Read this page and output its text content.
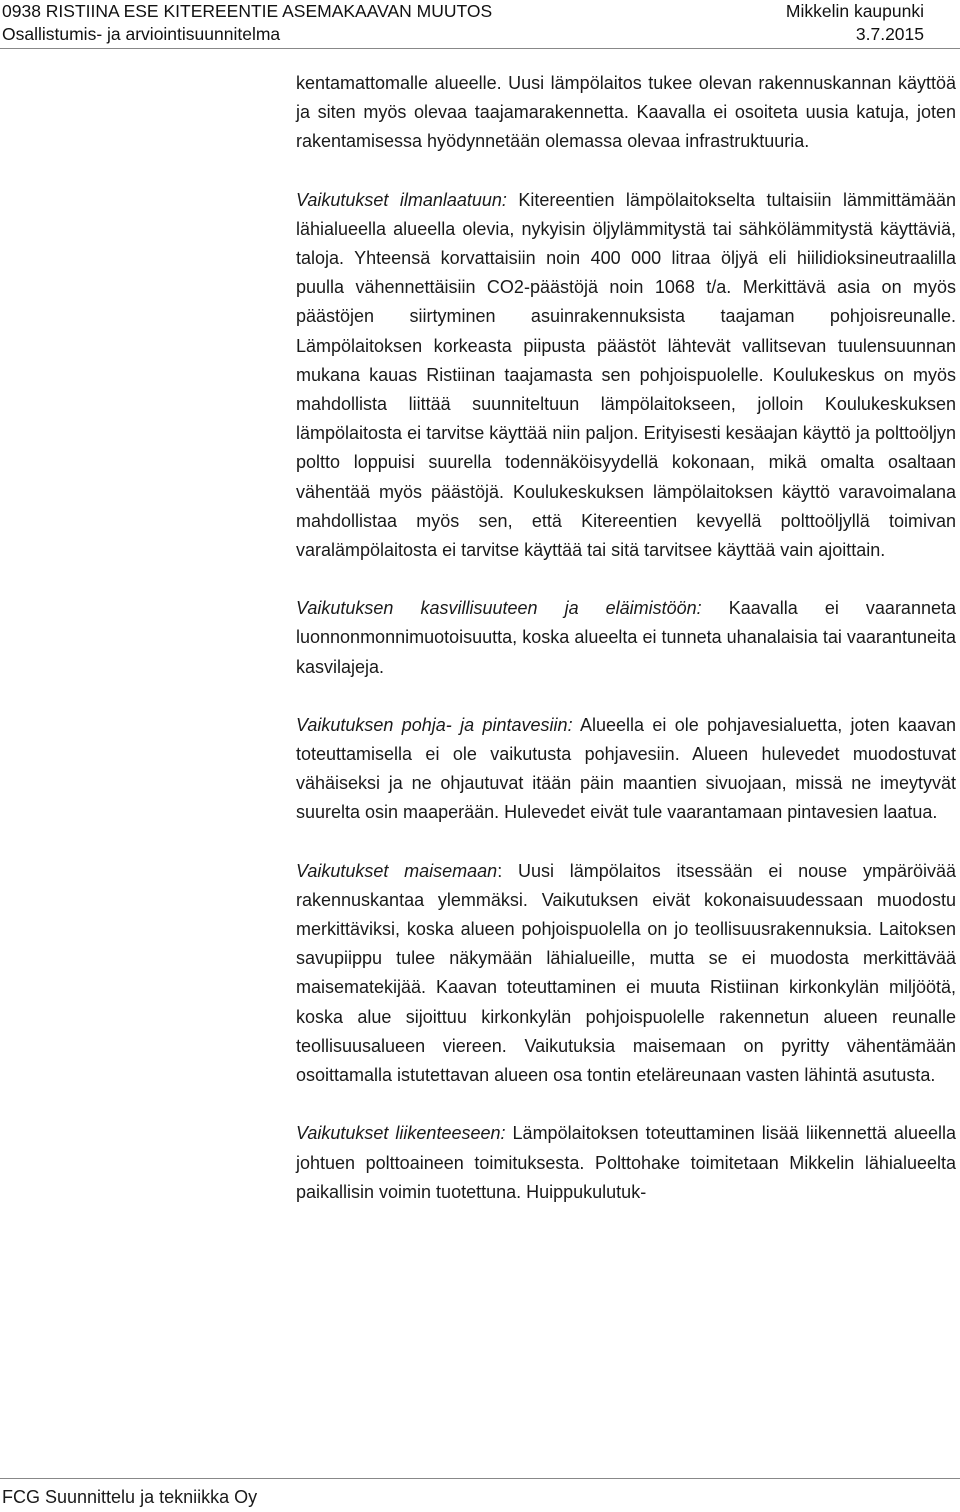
0938 RISTIINA ESE KITEREENTIE ASEMAKAAVAN MUUTOS	Mikkelin kaupunki
Osallistumis- ja arviointisuunnitelma	3.7.2015

kentamattomalle alueelle. Uusi lämpölaitos tukee olevan rakennuskannan käyttöä ja siten myös olevaa taajamarakennetta. Kaavalla ei osoiteta uusia katuja, joten rakentamisessa hyödynnetään olemassa olevaa infrastruktuuria.

Vaikutukset ilmanlaatuun: Kitereentien lämpölaitokselta tultaisiin lämmittämään lähialueella alueella olevia, nykyisin öljylämmitystä tai sähkölämmitystä käyttäviä, taloja. Yhteensä korvattaisiin noin 400 000 litraa öljyä eli hiilidioksineutraalilla puulla vähennettäisiin CO2-päästöjä noin 1068 t/a. Merkittävä asia on myös päästöjen siirtyminen asuinrakennuksista taajaman pohjoisreunalle. Lämpölaitoksen korkeasta piipusta päästöt lähtevät vallitsevan tuulensuunnan mukana kauas Ristiinan taajamasta sen pohjoispuolelle. Koulukeskus on myös mahdollista liittää suunniteltuun lämpölaitokseen, jolloin Koulukeskuksen lämpölaitosta ei tarvitse käyttää niin paljon. Erityisesti kesäajan käyttö ja polttoöljyn poltto loppuisi suurella todennäköisyydellä kokonaan, mikä omalta osaltaan vähentää myös päästöjä. Koulukeskuksen lämpölaitoksen käyttö varavoimalana mahdollistaa myös sen, että Kitereentien kevyellä polttoöljyllä toimivan varalämpölaitosta ei tarvitse käyttää tai sitä tarvitsee käyttää vain ajoittain.

Vaikutuksen kasvillisuuteen ja eläimistöön: Kaavalla ei vaaranneta luonnonmonnimuotoisuutta, koska alueelta ei tunneta uhanalaisia tai vaarantuneita kasvilajeja.

Vaikutuksen pohja- ja pintavesiin: Alueella ei ole pohjavesialuetta, joten kaavan toteuttamisella ei ole vaikutusta pohjavesiin. Alueen hulevedet muodostuvat vähäiseksi ja ne ohjautuvat itään päin maantien sivuojaan, missä ne imeytyvät suurelta osin maaperään. Hulevedet eivät tule vaarantamaan pintavesien laatua.

Vaikutukset maisemaan: Uusi lämpölaitos itsessään ei nouse ympäröivää rakennuskantaa ylemmäksi. Vaikutuksen eivät kokonaisuudessaan muodostu merkittäviksi, koska alueen pohjoispuolella on jo teollisuusrakennuksia. Laitoksen savupiippu tulee näkymään lähialueille, mutta se ei muodosta merkittävää maisematekijää. Kaavan toteuttaminen ei muuta Ristiinan kirkonkylän miljöötä, koska alue sijoittuu kirkonkylän pohjoispuolelle rakennetun alueen reunalle teollisuusalueen viereen. Vaikutuksia maisemaan on pyritty vähentämään osoittamalla istutettavan alueen osa tontin eteläreunaan vasten lähintä asutusta.

Vaikutukset liikenteeseen: Lämpölaitoksen toteuttaminen lisää liikennettä alueella johtuen polttoaineen toimituksesta. Polttohake toimitetaan Mikkelin lähialueelta paikallisin voimin tuotettuna. Huippukulutuk-

FCG Suunnittelu ja tekniikka Oy
